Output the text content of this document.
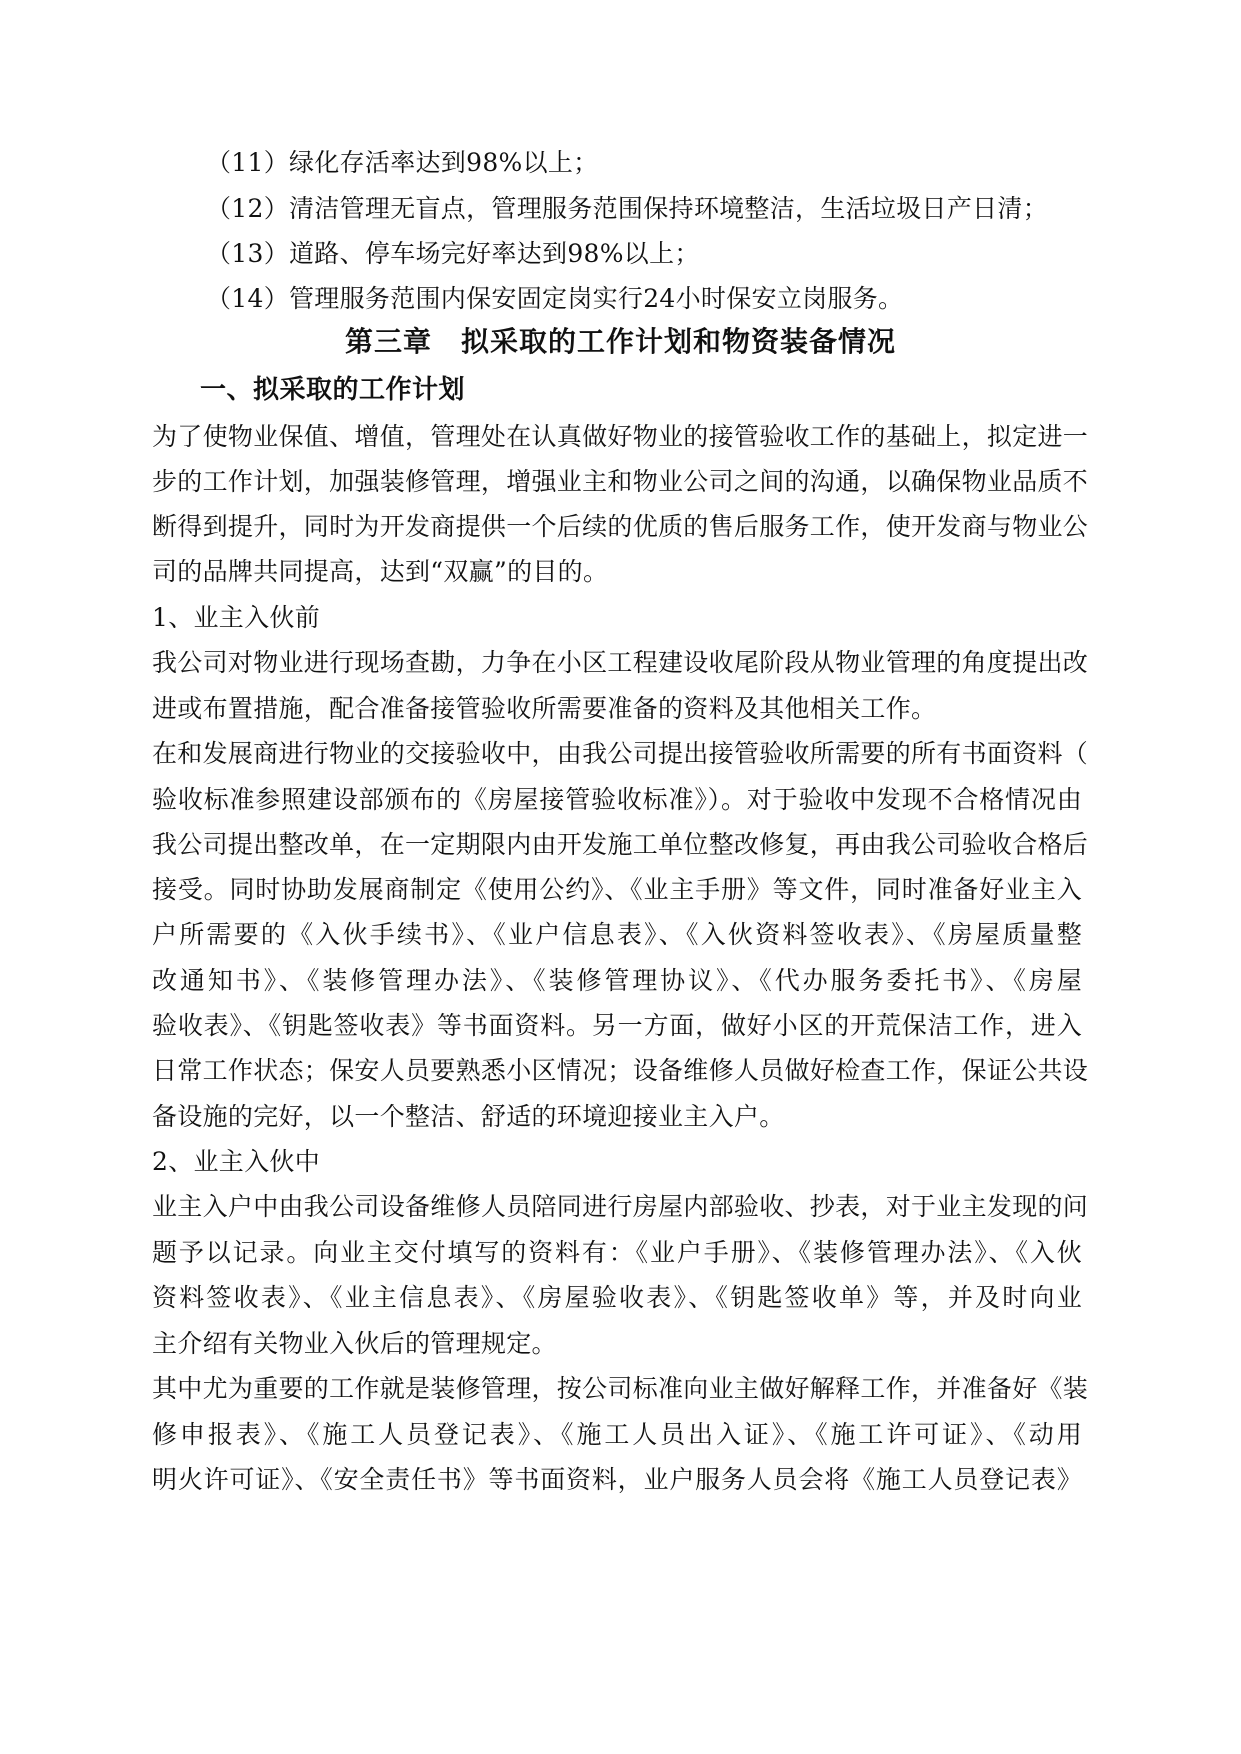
（11）绿化存活率达到98%以上；
（12）清洁管理无盲点，管理服务范围保持环境整洁，生活垃圾日产日清；
（13）道路、停车场完好率达到98%以上；
（14）管理服务范围内保安固定岗实行24小时保安立岗服务。
第三章　拟采取的工作计划和物资装备情况
一、拟采取的工作计划
为了使物业保值、增值，管理处在认真做好物业的接管验收工作的基础上，拟定进一
步的工作计划，加强装修管理，增强业主和物业公司之间的沟通，以确保物业品质不
断得到提升，同时为开发商提供一个后续的优质的售后服务工作，使开发商与物业公
司的品牌共同提高，达到“双赢”的目的。
1、业主入伙前
我公司对物业进行现场查勘，力争在小区工程建设收尾阶段从物业管理的角度提出改
进或布置措施，配合准备接管验收所需要准备的资料及其他相关工作。
在和发展商进行物业的交接验收中，由我公司提出接管验收所需要的所有书面资料（
验收标准参照建设部颁布的《房屋接管验收标准》）。对于验收中发现不合格情况由
我公司提出整改单，在一定期限内由开发施工单位整改修复，再由我公司验收合格后
接受。同时协助发展商制定《使用公约》、《业主手册》等文件，同时准备好业主入
户所需要的《入伙手续书》、《业户信息表》、《入伙资料签收表》、《房屋质量整
改通知书》、《装修管理办法》、《装修管理协议》、《代办服务委托书》、《房屋
验收表》、《钥匙签收表》等书面资料。另一方面，做好小区的开荒保洁工作，进入
日常工作状态；保安人员要熟悉小区情况；设备维修人员做好检查工作，保证公共设
备设施的完好，以一个整洁、舒适的环境迎接业主入户。
2、业主入伙中
业主入户中由我公司设备维修人员陪同进行房屋内部验收、抄表，对于业主发现的问
题予以记录。向业主交付填写的资料有：《业户手册》、《装修管理办法》、《入伙
资料签收表》、《业主信息表》、《房屋验收表》、《钥匙签收单》等，并及时向业
主介绍有关物业入伙后的管理规定。
其中尤为重要的工作就是装修管理，按公司标准向业主做好解释工作，并准备好《装
修申报表》、《施工人员登记表》、《施工人员出入证》、《施工许可证》、《动用
明火许可证》、《安全责任书》等书面资料，业户服务人员会将《施工人员登记表》
